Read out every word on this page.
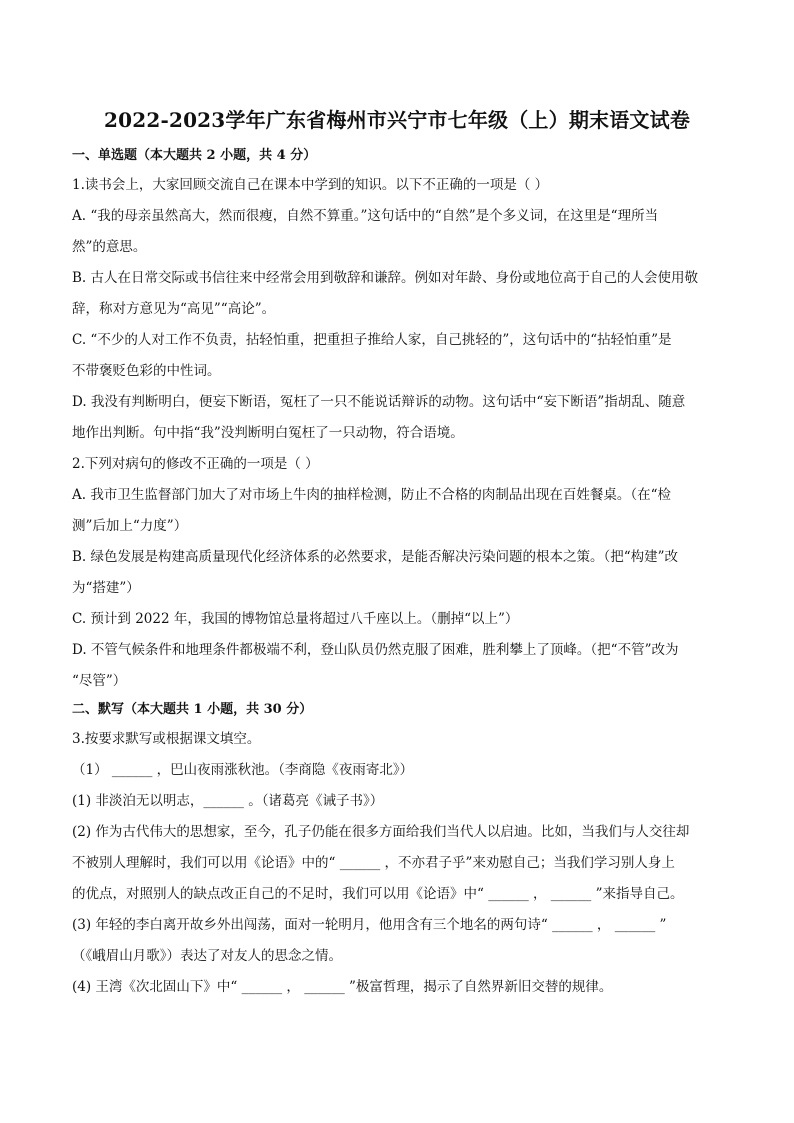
2022-2023学年广东省梅州市兴宁市七年级（上）期末语文试卷

一、单选题（本大题共 2 小题，共 4 分）

1.读书会上，大家回顾交流自己在课本中学到的知识。以下不正确的一项是（ ）

A. “我的母亲虽然高大，然而很瘦，自然不算重。”这句话中的“自然”是个多义词，在这里是“理所当

然”的意思。

B. 古人在日常交际或书信往来中经常会用到敬辞和谦辞。例如对年龄、身份或地位高于自己的人会使用敬

辞，称对方意见为“高见”“高论”。

C. “不少的人对工作不负责，拈轻怕重，把重担子推给人家，自己挑轻的”，这句话中的“拈轻怕重”是

不带褒贬色彩的中性词。

D. 我没有判断明白，便妄下断语，冤枉了一只不能说话辩诉的动物。这句话中“妄下断语”指胡乱、随意

地作出判断。句中指“我”没判断明白冤枉了一只动物，符合语境。

2.下列对病句的修改不正确的一项是（ ）

A. 我市卫生监督部门加大了对市场上牛肉的抽样检测，防止不合格的肉制品出现在百姓餐桌。（在“检

测”后加上“力度”）

B. 绿色发展是构建高质量现代化经济体系的必然要求，是能否解决污染问题的根本之策。（把“构建”改

为“搭建”）

C. 预计到 2022 年，我国的博物馆总量将超过八千座以上。（删掉“以上”）

D. 不管气候条件和地理条件都极端不利，登山队员仍然克服了困难，胜利攀上了顶峰。（把“不管”改为

“尽管”）

二、默写（本大题共 1 小题，共 30 分）

3.按要求默写或根据课文填空。

（1） ______ ，巴山夜雨涨秋池。（李商隐《夜雨寄北》）

(1) 非淡泊无以明志，______ 。（诸葛亮《诫子书》）

(2) 作为古代伟大的思想家，至今，孔子仍能在很多方面给我们当代人以启迪。比如，当我们与人交往却

不被别人理解时，我们可以用《论语》中的“ ______ ，不亦君子乎”来劝慰自己；当我们学习别人身上

的优点，对照别人的缺点改正自己的不足时，我们可以用《论语》中“ ______ ， ______ ”来指导自己。

(3) 年轻的李白离开故乡外出闯荡，面对一轮明月，他用含有三个地名的两句诗“ ______ ， ______ ”

（《峨眉山月歌》）表达了对友人的思念之情。

(4) 王湾《次北固山下》中“ ______ ， ______ ”极富哲理，揭示了自然界新旧交替的规律。
